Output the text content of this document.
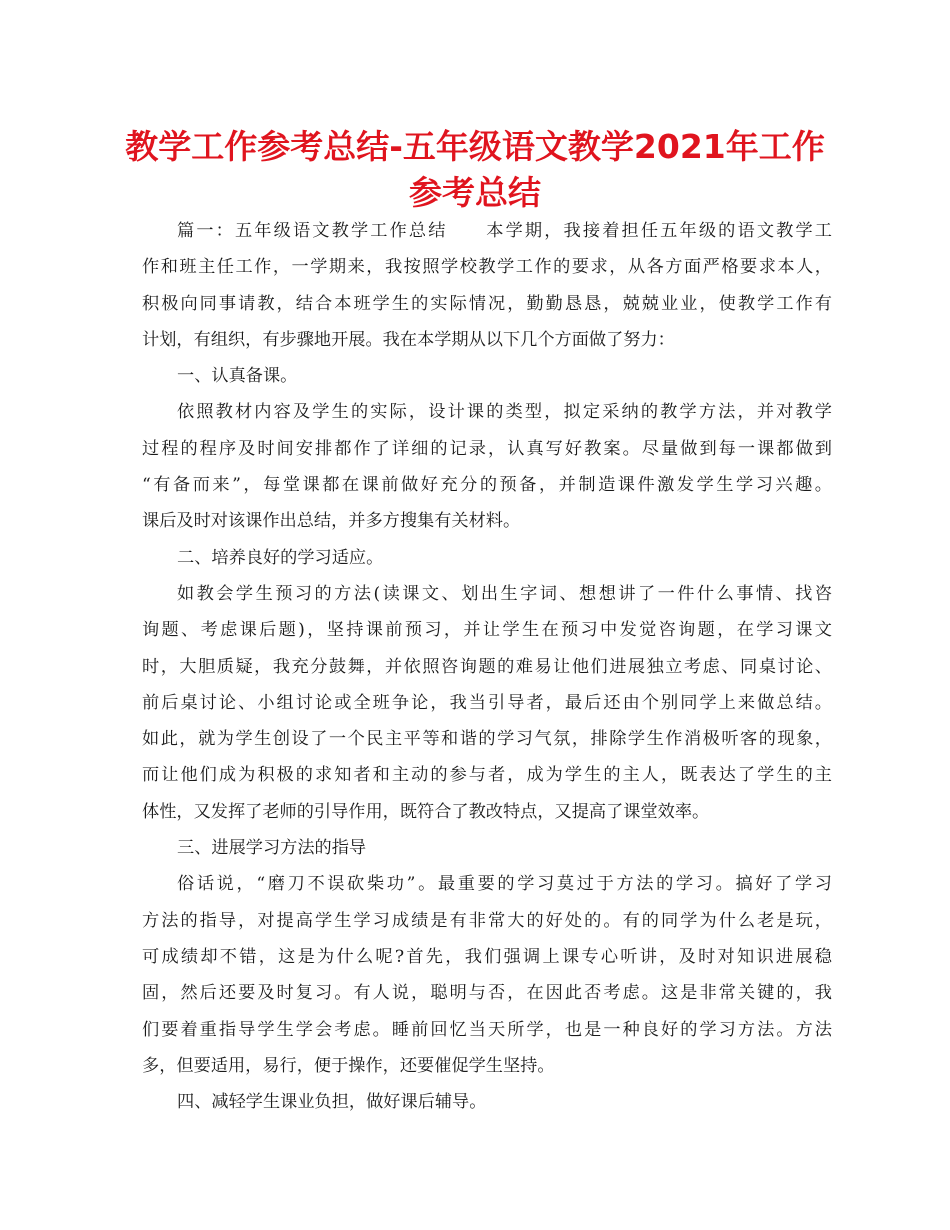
教学工作参考总结-五年级语文教学2021年工作
参考总结
篇一：五年级语文教学工作总结　　本学期，我接着担任五年级的语文教学工
作和班主任工作，一学期来，我按照学校教学工作的要求，从各方面严格要求本人，
积极向同事请教，结合本班学生的实际情况，勤勤恳恳，兢兢业业，使教学工作有
计划，有组织，有步骤地开展。我在本学期从以下几个方面做了努力：
一、认真备课。
依照教材内容及学生的实际，设计课的类型，拟定采纳的教学方法，并对教学
过程的程序及时间安排都作了详细的记录，认真写好教案。尽量做到每一课都做到
“有备而来”，每堂课都在课前做好充分的预备，并制造课件激发学生学习兴趣。
课后及时对该课作出总结，并多方搜集有关材料。
二、培养良好的学习适应。
如教会学生预习的方法(读课文、划出生字词、想想讲了一件什么事情、找咨
询题、考虑课后题)，坚持课前预习，并让学生在预习中发觉咨询题，在学习课文
时，大胆质疑，我充分鼓舞，并依照咨询题的难易让他们进展独立考虑、同桌讨论、
前后桌讨论、小组讨论或全班争论，我当引导者，最后还由个别同学上来做总结。
如此，就为学生创设了一个民主平等和谐的学习气氛，排除学生作消极听客的现象，
而让他们成为积极的求知者和主动的参与者，成为学生的主人，既表达了学生的主
体性，又发挥了老师的引导作用，既符合了教改特点，又提高了课堂效率。
三、进展学习方法的指导
俗话说，“磨刀不误砍柴功”。最重要的学习莫过于方法的学习。搞好了学习
方法的指导，对提高学生学习成绩是有非常大的好处的。有的同学为什么老是玩，
可成绩却不错，这是为什么呢?首先，我们强调上课专心听讲，及时对知识进展稳
固，然后还要及时复习。有人说，聪明与否，在因此否考虑。这是非常关键的，我
们要着重指导学生学会考虑。睡前回忆当天所学，也是一种良好的学习方法。方法
多，但要适用，易行，便于操作，还要催促学生坚持。
四、减轻学生课业负担，做好课后辅导。
